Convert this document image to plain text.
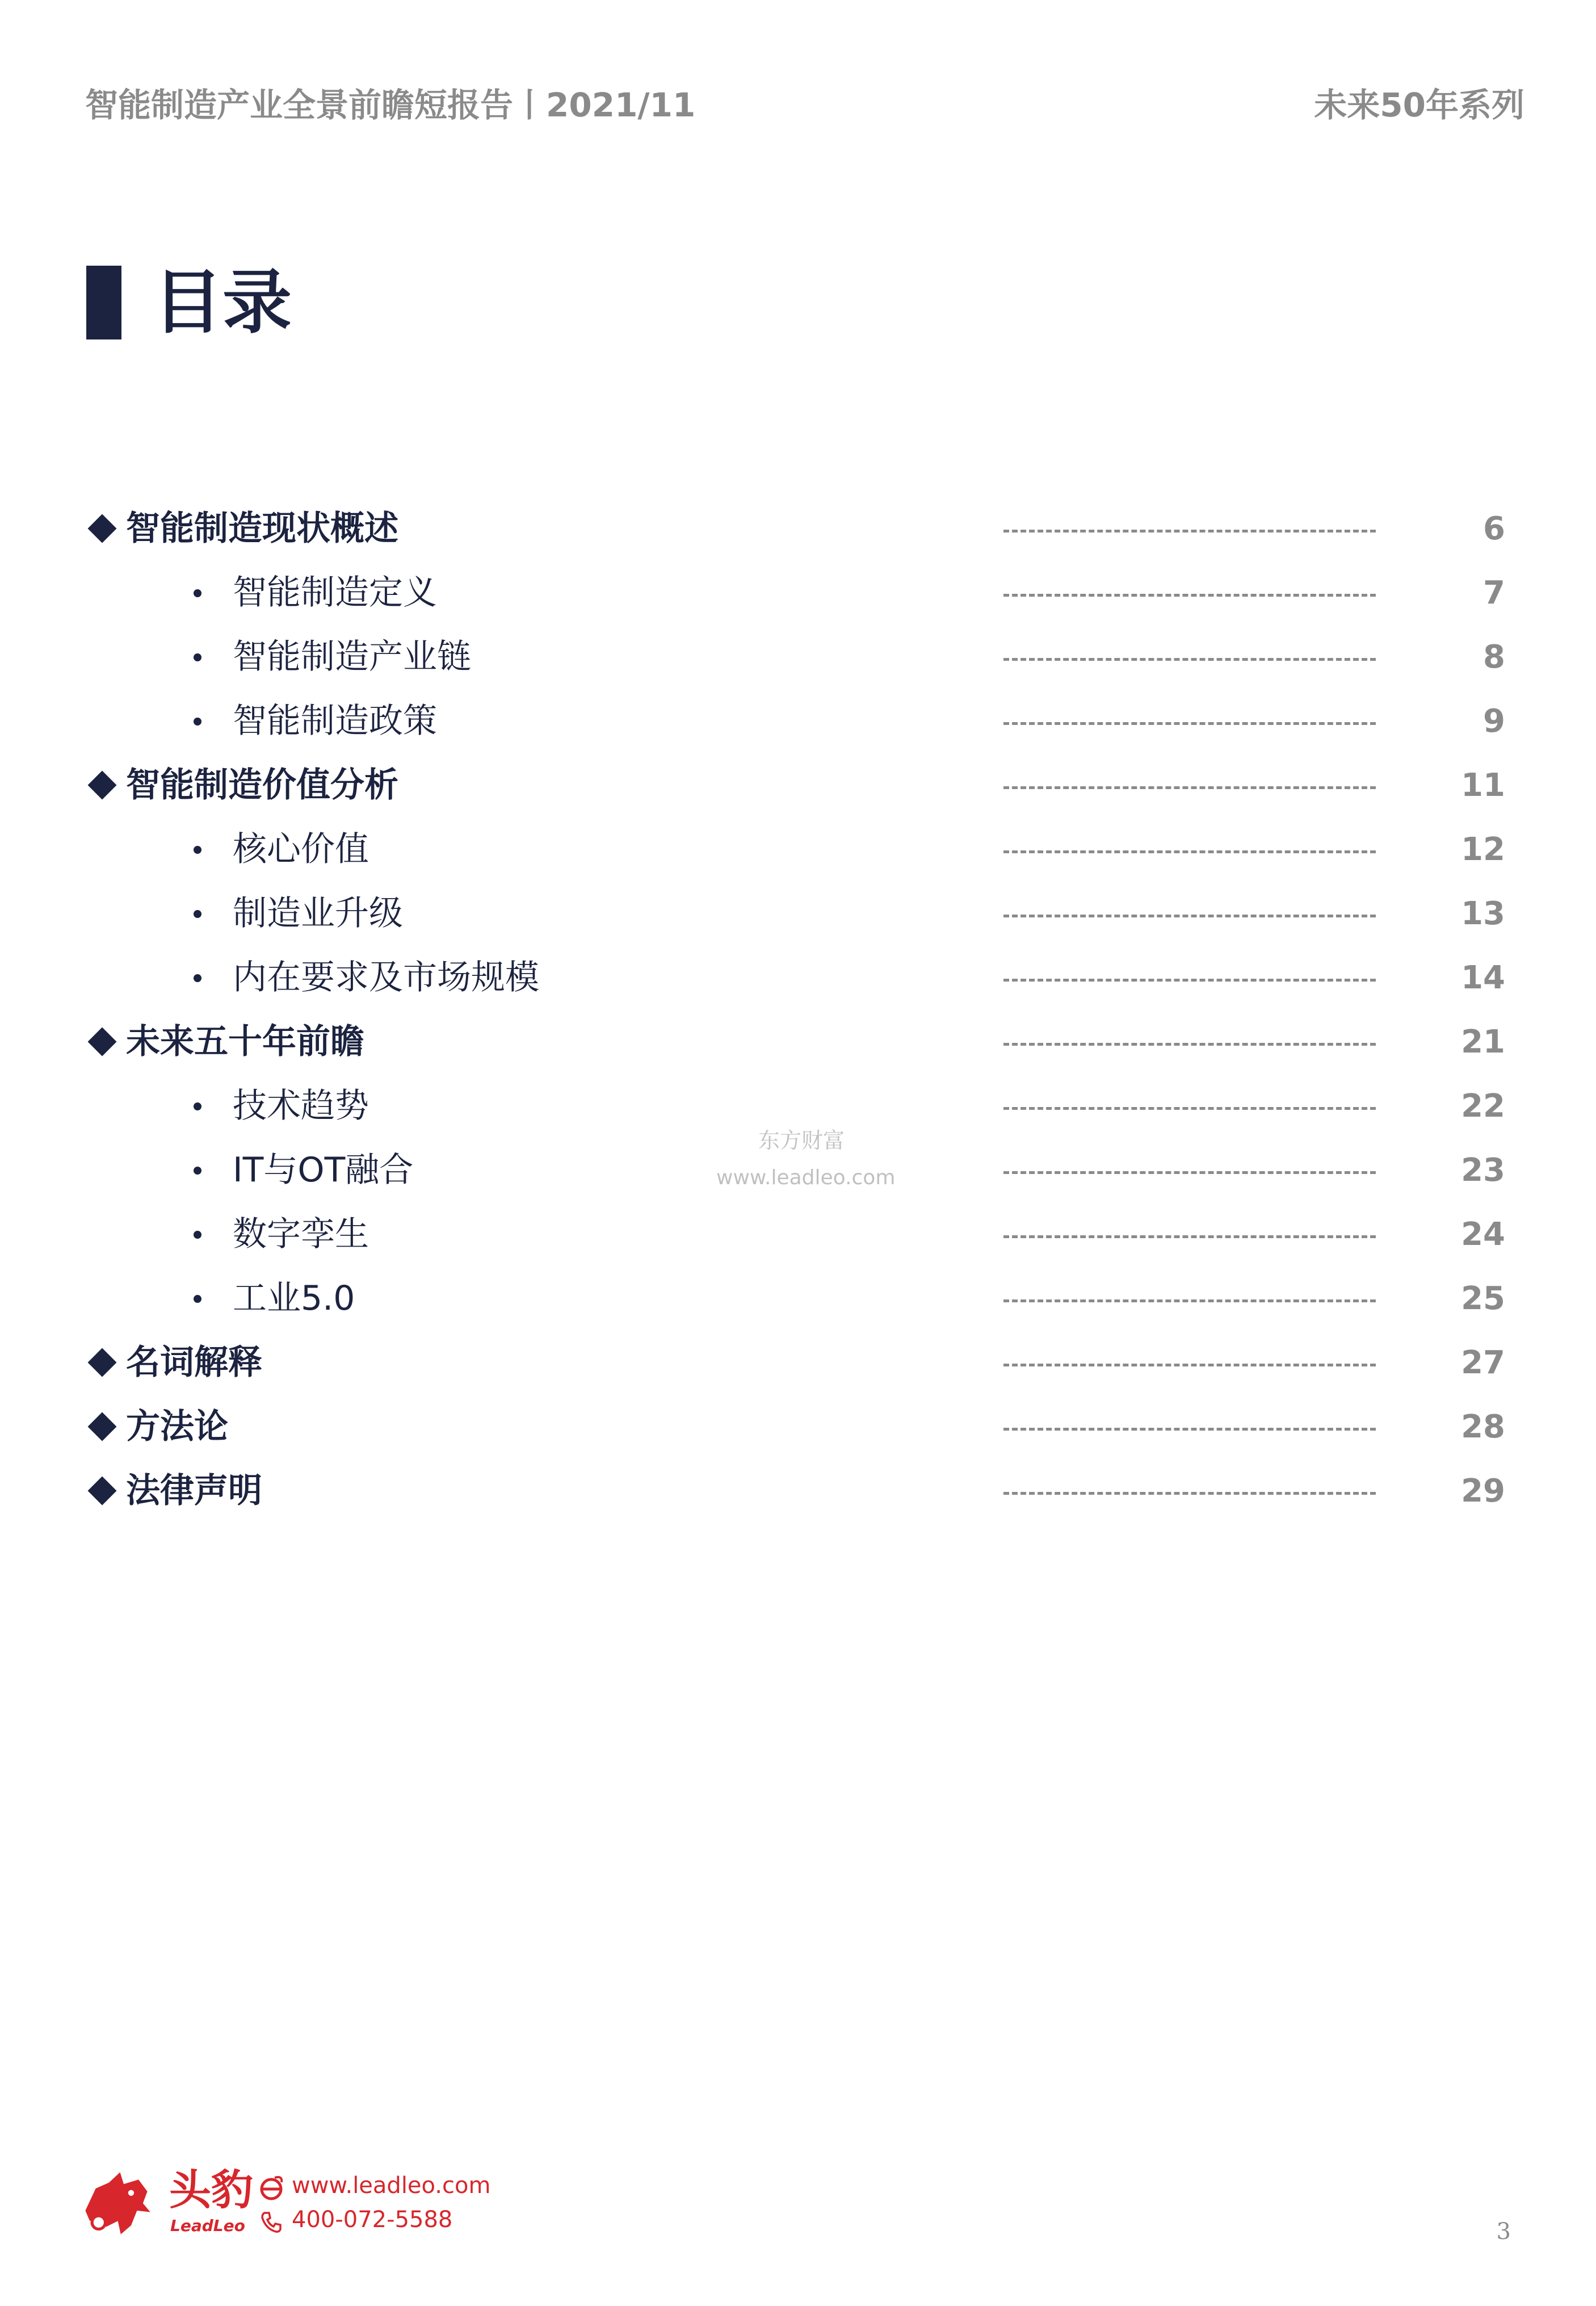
智能制造产业全景前瞻短报告丨2021/11	未来50年系列
目录
智能制造现状概述	6
智能制造定义	7
智能制造产业链	8
智能制造政策	9
智能制造价值分析	11
核心价值	12
制造业升级	13
内在要求及市场规模	14
未来五十年前瞻	21
技术趋势	22
IT与OT融合	23
数字孪生	24
工业5.0	25
名词解释	27
方法论	28
法律声明	29
东方财富
www.leadleo.com
头豹
LeadLeo
www.leadleo.com
400-072-5588	3
